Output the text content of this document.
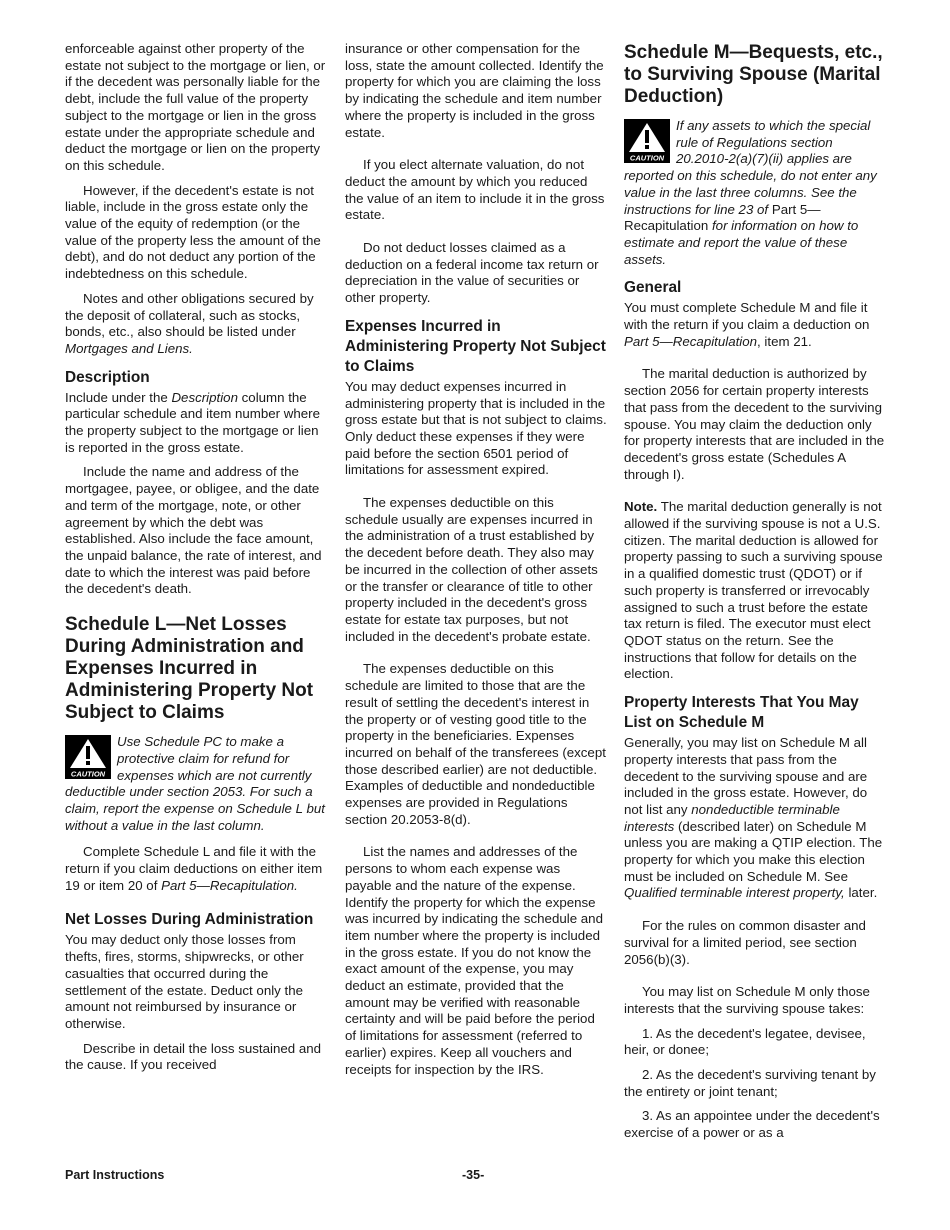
enforceable against other property of the estate not subject to the mortgage or lien, or if the decedent was personally liable for the debt, include the full value of the property subject to the mortgage or lien in the gross estate under the appropriate schedule and deduct the mortgage or lien on the property on this schedule.

However, if the decedent's estate is not liable, include in the gross estate only the value of the equity of redemption (or the value of the property less the amount of the debt), and do not deduct any portion of the indebtedness on this schedule.

Notes and other obligations secured by the deposit of collateral, such as stocks, bonds, etc., also should be listed under Mortgages and Liens.

Description

Include under the Description column the particular schedule and item number where the property subject to the mortgage or lien is reported in the gross estate.

Include the name and address of the mortgagee, payee, or obligee, and the date and term of the mortgage, note, or other agreement by which the debt was established. Also include the face amount, the unpaid balance, the rate of interest, and date to which the interest was paid before the decedent's death.

Schedule L—Net Losses During Administration and Expenses Incurred in Administering Property Not Subject to Claims
CAUTION
Use Schedule PC to make a protective claim for refund for expenses which are not currently deductible under section 2053. For such a claim, report the expense on Schedule L but without a value in the last column.

Complete Schedule L and file it with the return if you claim deductions on either item 19 or item 20 of Part 5—Recapitulation.

Net Losses During Administration

You may deduct only those losses from thefts, fires, storms, shipwrecks, or other casualties that occurred during the settlement of the estate. Deduct only the amount not reimbursed by insurance or otherwise.

Describe in detail the loss sustained and the cause. If you received

insurance or other compensation for the loss, state the amount collected. Identify the property for which you are claiming the loss by indicating the schedule and item number where the property is included in the gross estate.

If you elect alternate valuation, do not deduct the amount by which you reduced the value of an item to include it in the gross estate.

Do not deduct losses claimed as a deduction on a federal income tax return or depreciation in the value of securities or other property.

Expenses Incurred in Administering Property Not Subject to Claims

You may deduct expenses incurred in administering property that is included in the gross estate but that is not subject to claims. Only deduct these expenses if they were paid before the section 6501 period of limitations for assessment expired.

The expenses deductible on this schedule usually are expenses incurred in the administration of a trust established by the decedent before death. They also may be incurred in the collection of other assets or the transfer or clearance of title to other property included in the decedent's gross estate for estate tax purposes, but not included in the decedent's probate estate.

The expenses deductible on this schedule are limited to those that are the result of settling the decedent's interest in the property or of vesting good title to the property in the beneficiaries. Expenses incurred on behalf of the transferees (except those described earlier) are not deductible. Examples of deductible and nondeductible expenses are provided in Regulations section 20.2053-8(d).

List the names and addresses of the persons to whom each expense was payable and the nature of the expense. Identify the property for which the expense was incurred by indicating the schedule and item number where the property is included in the gross estate. If you do not know the exact amount of the expense, you may deduct an estimate, provided that the amount may be verified with reasonable certainty and will be paid before the period of limitations for assessment (referred to earlier) expires. Keep all vouchers and receipts for inspection by the IRS.

Schedule M—Bequests, etc., to Surviving Spouse (Marital Deduction)
CAUTION
If any assets to which the special rule of Regulations section 20.2010-2(a)(7)(ii) applies are reported on this schedule, do not enter any value in the last three columns. See the instructions for line 23 of Part 5—Recapitulation for information on how to estimate and report the value of these assets.
General

You must complete Schedule M and file it with the return if you claim a deduction on Part 5—Recapitulation, item 21.

The marital deduction is authorized by section 2056 for certain property interests that pass from the decedent to the surviving spouse. You may claim the deduction only for property interests that are included in the decedent's gross estate (Schedules A through I).

Note. The marital deduction generally is not allowed if the surviving spouse is not a U.S. citizen. The marital deduction is allowed for property passing to such a surviving spouse in a qualified domestic trust (QDOT) or if such property is transferred or irrevocably assigned to such a trust before the estate tax return is filed. The executor must elect QDOT status on the return. See the instructions that follow for details on the election.

Property Interests That You May List on Schedule M

Generally, you may list on Schedule M all property interests that pass from the decedent to the surviving spouse and are included in the gross estate. However, do not list any nondeductible terminable interests (described later) on Schedule M unless you are making a QTIP election. The property for which you make this election must be included on Schedule M. See Qualified terminable interest property, later.

For the rules on common disaster and survival for a limited period, see section 2056(b)(3).

You may list on Schedule M only those interests that the surviving spouse takes:

1. As the decedent's legatee, devisee, heir, or donee;
2. As the decedent's surviving tenant by the entirety or joint tenant;
3. As an appointee under the decedent's exercise of a power or as a
Part Instructions	-35-
